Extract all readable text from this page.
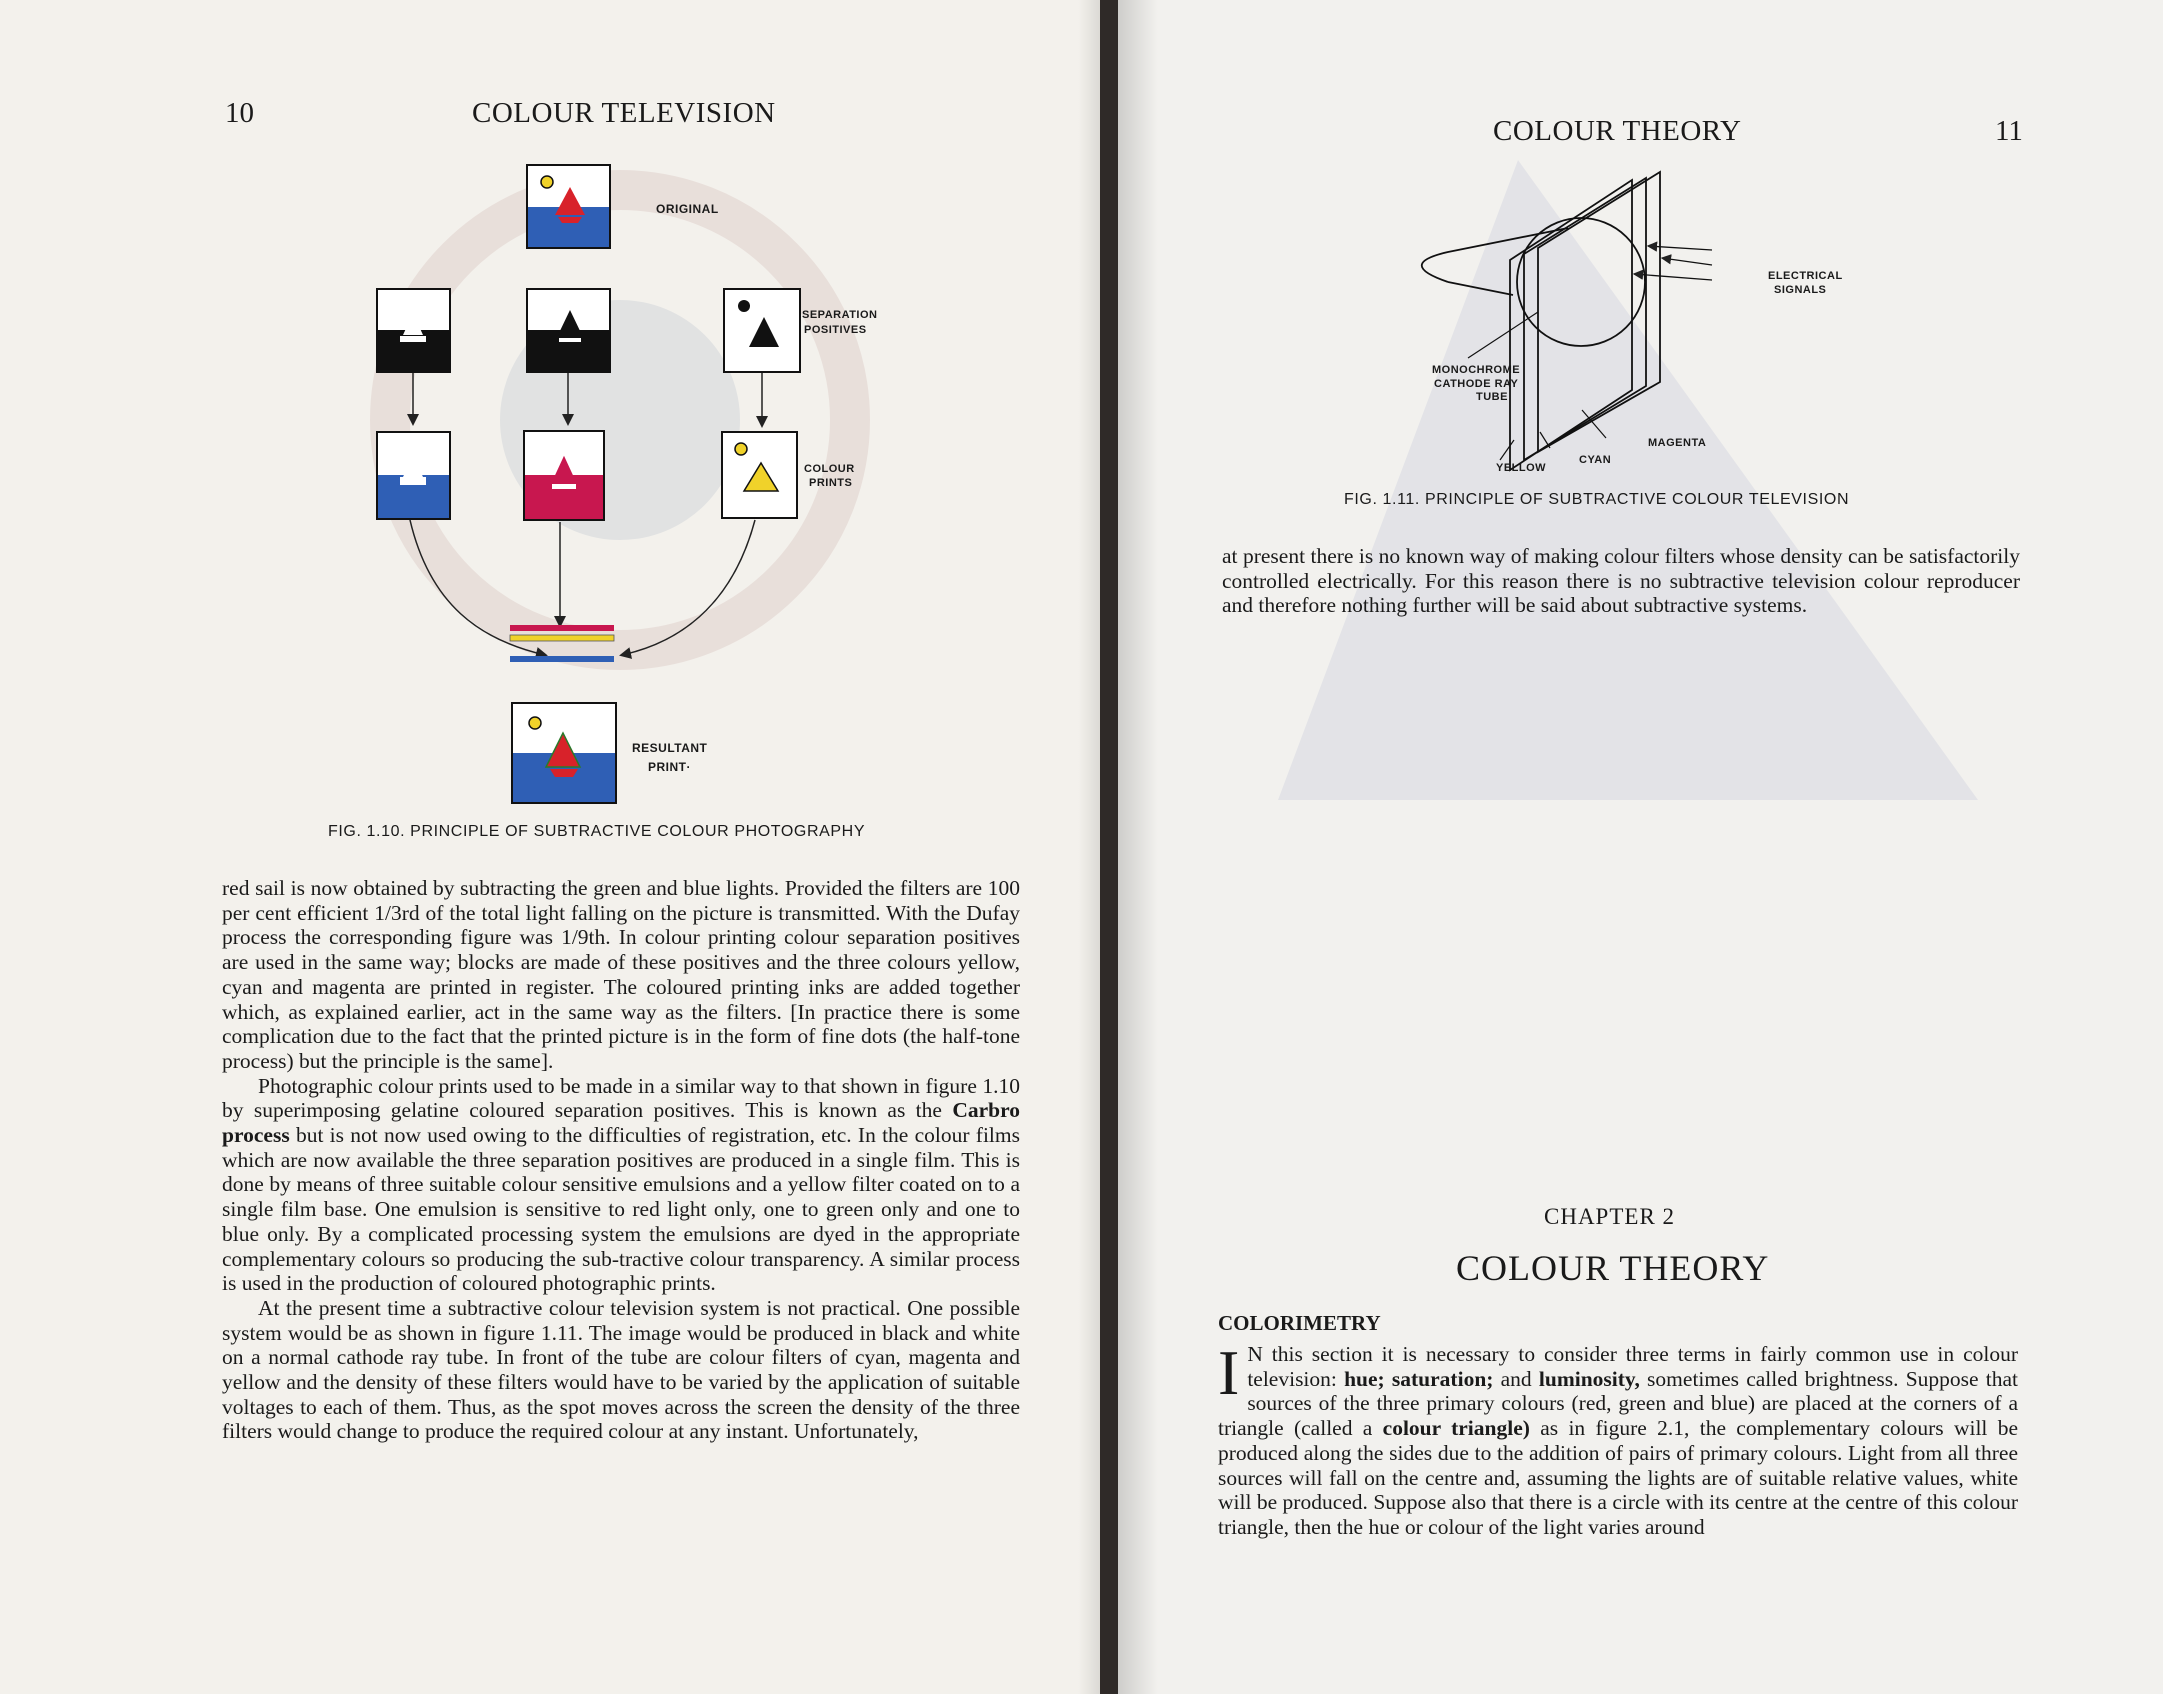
10	COLOUR TELEVISION
ORIGINAL
SEPARATION
POSITIVES
COLOUR
PRINTS
RESULTANT
PRINT·
FIG. 1.10. PRINCIPLE OF SUBTRACTIVE COLOUR PHOTOGRAPHY

red sail is now obtained by subtracting the green and blue lights. Provided the filters are 100 per cent efficient 1/3rd of the total light falling on the picture is transmitted. With the Dufay process the corresponding figure was 1/9th. In colour printing colour separation positives are used in the same way; blocks are made of these positives and the three colours yellow, cyan and magenta are printed in register. The coloured printing inks are added together which, as explained earlier, act in the same way as the filters. [In practice there is some complication due to the fact that the printed picture is in the form of fine dots (the half-tone process) but the principle is the same].

Photographic colour prints used to be made in a similar way to that shown in figure 1.10 by superimposing gelatine coloured separation positives. This is known as the Carbro process but is not now used owing to the difficulties of registration, etc. In the colour films which are now available the three separation positives are produced in a single film. This is done by means of three suitable colour sensitive emulsions and a yellow filter coated on to a single film base. One emulsion is sensitive to red light only, one to green only and one to blue only. By a complicated processing system the emulsions are dyed in the appropriate complementary colours so producing the sub-tractive colour transparency. A similar process is used in the production of coloured photographic prints.

At the present time a subtractive colour television system is not practical. One possible system would be as shown in figure 1.11. The image would be produced in black and white on a normal cathode ray tube. In front of the tube are colour filters of cyan, magenta and yellow and the density of these filters would have to be varied by the application of suitable voltages to each of them. Thus, as the spot moves across the screen the density of the three filters would change to produce the required colour at any instant. Unfortunately,

COLOUR THEORY	11
ELECTRICAL
SIGNALS
MONOCHROME
CATHODE RAY
TUBE
MAGENTA
CYAN
YELLOW
FIG. 1.11. PRINCIPLE OF SUBTRACTIVE COLOUR TELEVISION
at present there is no known way of making colour filters whose density can be satisfactorily controlled electrically. For this reason there is no subtractive television colour reproducer and therefore nothing further will be said about subtractive systems.
CHAPTER 2
COLOUR THEORY
COLORIMETRY
I N this section it is necessary to consider three terms in fairly common use in colour television: hue; saturation; and luminosity, sometimes called brightness. Suppose that sources of the three primary colours (red, green and blue) are placed at the corners of a triangle (called a colour triangle) as in figure 2.1, the complementary colours will be produced along the sides due to the addition of pairs of primary colours. Light from all three sources will fall on the centre and, assuming the lights are of suitable relative values, white will be produced. Suppose also that there is a circle with its centre at the centre of this colour triangle, then the hue or colour of the light varies around
